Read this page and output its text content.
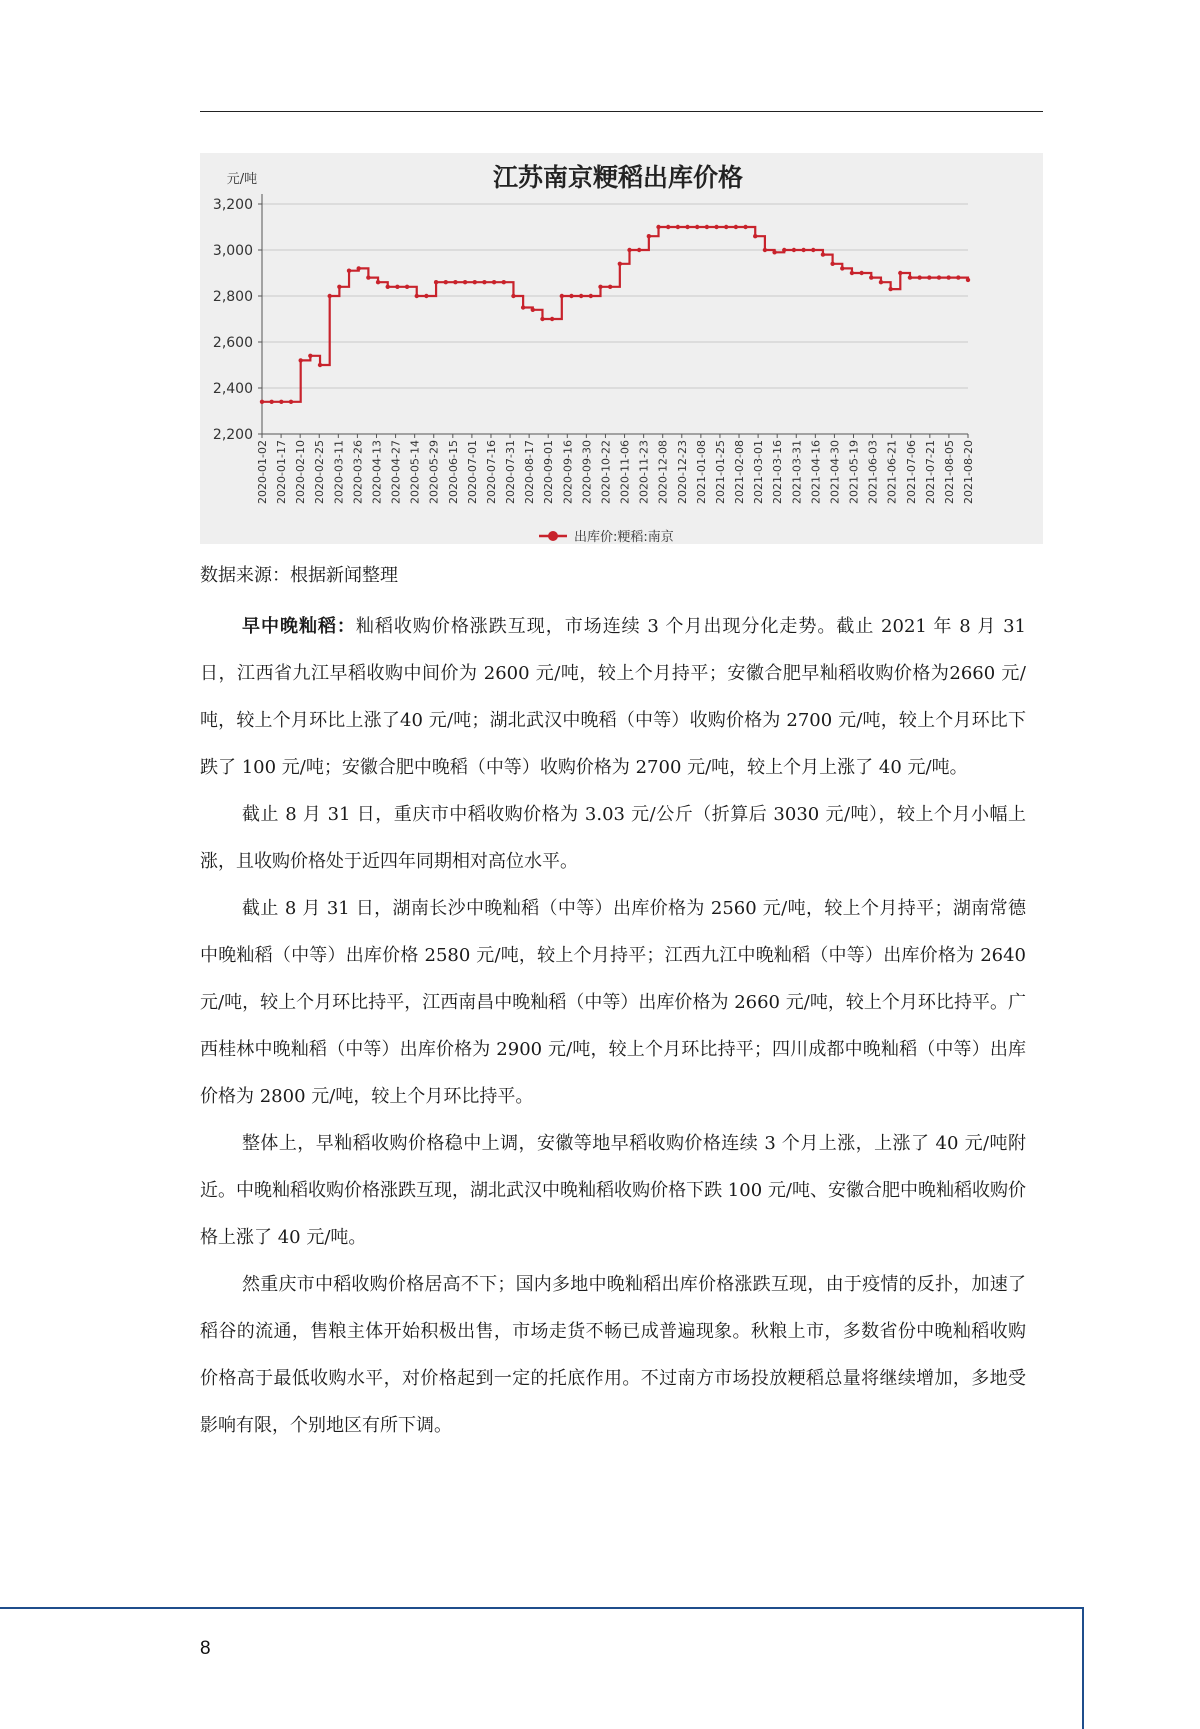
江苏南京粳稻出库价格
元/吨
3,200
3,000
2,800
2,600
2,400
2,200
2020-01-02 2020-01-17 2020-02-10 2020-02-25 2020-03-11 2020-03-26 2020-04-13 2020-04-27 2020-05-14 2020-05-29 2020-06-15 2020-07-01 2020-07-16 2020-07-31 2020-08-17 2020-09-01 2020-09-16 2020-09-30 2020-10-22 2020-11-06 2020-11-23 2020-12-08 2020-12-23 2021-01-08 2021-01-25 2021-02-08 2021-03-01 2021-03-16 2021-03-31 2021-04-16 2021-04-30 2021-05-19 2021-06-03 2021-06-21 2021-07-06 2021-07-21 2021-08-05 2021-08-20
出库价:粳稻:南京
数据来源：根据新闻整理

早中晚籼稻：籼稻收购价格涨跌互现，市场连续 3 个月出现分化走势。截止 2021 年 8 月 31 日，江西省九江早稻收购中间价为 2600 元/吨，较上个月持平；安徽合肥早籼稻收购价格为2660 元/吨，较上个月环比上涨了40 元/吨；湖北武汉中晚稻（中等）收购价格为 2700 元/吨，较上个月环比下跌了 100 元/吨；安徽合肥中晚稻（中等）收购价格为 2700 元/吨，较上个月上涨了 40 元/吨。

截止 8 月 31 日，重庆市中稻收购价格为 3.03 元/公斤（折算后 3030 元/吨），较上个月小幅上涨，且收购价格处于近四年同期相对高位水平。

截止 8 月 31 日，湖南长沙中晚籼稻（中等）出库价格为 2560 元/吨，较上个月持平；湖南常德中晚籼稻（中等）出库价格 2580 元/吨，较上个月持平；江西九江中晚籼稻（中等）出库价格为 2640 元/吨，较上个月环比持平，江西南昌中晚籼稻（中等）出库价格为 2660 元/吨，较上个月环比持平。广西桂林中晚籼稻（中等）出库价格为 2900 元/吨，较上个月环比持平；四川成都中晚籼稻（中等）出库价格为 2800 元/吨，较上个月环比持平。

整体上，早籼稻收购价格稳中上调，安徽等地早稻收购价格连续 3 个月上涨，上涨了 40 元/吨附近。中晚籼稻收购价格涨跌互现，湖北武汉中晚籼稻收购价格下跌 100 元/吨、安徽合肥中晚籼稻收购价格上涨了 40 元/吨。

然重庆市中稻收购价格居高不下；国内多地中晚籼稻出库价格涨跌互现，由于疫情的反扑，加速了稻谷的流通，售粮主体开始积极出售，市场走货不畅已成普遍现象。秋粮上市，多数省份中晚籼稻收购价格高于最低收购水平，对价格起到一定的托底作用。不过南方市场投放粳稻总量将继续增加，多地受影响有限，个别地区有所下调。

8
